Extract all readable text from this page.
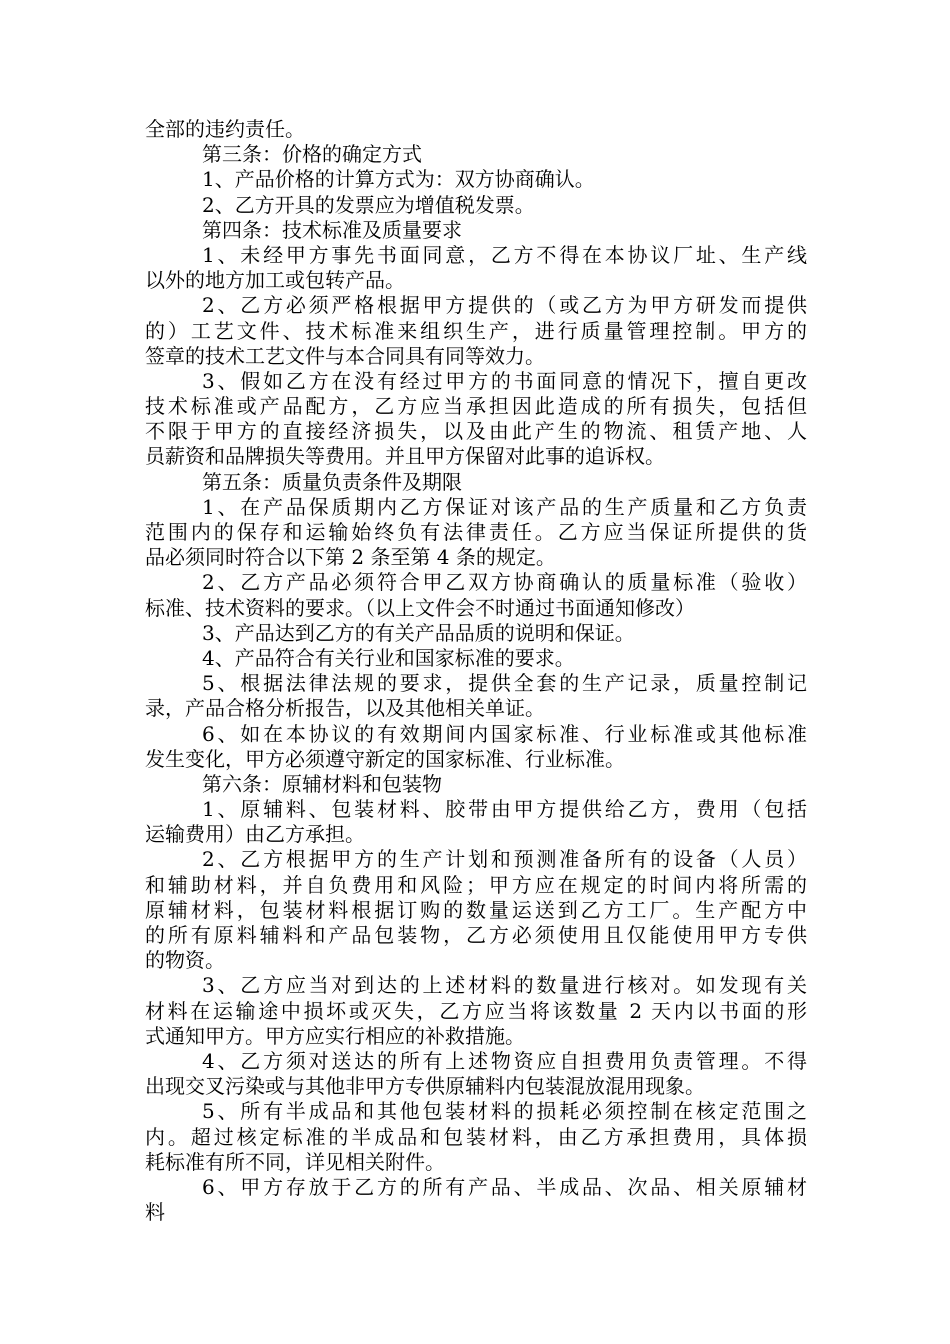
全部的违约责任。
第三条：价格的确定方式
1、产品价格的计算方式为：双方协商确认。
2、乙方开具的发票应为增值税发票。
第四条：技术标准及质量要求
1、未经甲方事先书面同意，乙方不得在本协议厂址、生产线
以外的地方加工或包转产品。
2、乙方必须严格根据甲方提供的（或乙方为甲方研发而提供
的）工艺文件、技术标准来组织生产，进行质量管理控制。甲方的
签章的技术工艺文件与本合同具有同等效力。
3、假如乙方在没有经过甲方的书面同意的情况下，擅自更改
技术标准或产品配方，乙方应当承担因此造成的所有损失，包括但
不限于甲方的直接经济损失，以及由此产生的物流、租赁产地、人
员薪资和品牌损失等费用。并且甲方保留对此事的追诉权。
第五条：质量负责条件及期限
1、在产品保质期内乙方保证对该产品的生产质量和乙方负责
范围内的保存和运输始终负有法律责任。乙方应当保证所提供的货
品必须同时符合以下第 2 条至第 4 条的规定。
2、乙方产品必须符合甲乙双方协商确认的质量标准（验收）
标准、技术资料的要求。（以上文件会不时通过书面通知修改）
3、产品达到乙方的有关产品品质的说明和保证。
4、产品符合有关行业和国家标准的要求。
5、根据法律法规的要求，提供全套的生产记录，质量控制记
录，产品合格分析报告，以及其他相关单证。
6、如在本协议的有效期间内国家标准、行业标准或其他标准
发生变化，甲方必须遵守新定的国家标准、行业标准。
第六条：原辅材料和包装物
1、原辅料、包装材料、胶带由甲方提供给乙方，费用（包括
运输费用）由乙方承担。
2、乙方根据甲方的生产计划和预测准备所有的设备（人员）
和辅助材料，并自负费用和风险；甲方应在规定的时间内将所需的
原辅材料，包装材料根据订购的数量运送到乙方工厂。生产配方中
的所有原料辅料和产品包装物，乙方必须使用且仅能使用甲方专供
的物资。
3、乙方应当对到达的上述材料的数量进行核对。如发现有关
材料在运输途中损坏或灭失，乙方应当将该数量 2 天内以书面的形
式通知甲方。甲方应实行相应的补救措施。
4、乙方须对送达的所有上述物资应自担费用负责管理。不得
出现交叉污染或与其他非甲方专供原辅料内包装混放混用现象。
5、所有半成品和其他包装材料的损耗必须控制在核定范围之
内。超过核定标准的半成品和包装材料，由乙方承担费用，具体损
耗标准有所不同，详见相关附件。
6、甲方存放于乙方的所有产品、半成品、次品、相关原辅材
料
